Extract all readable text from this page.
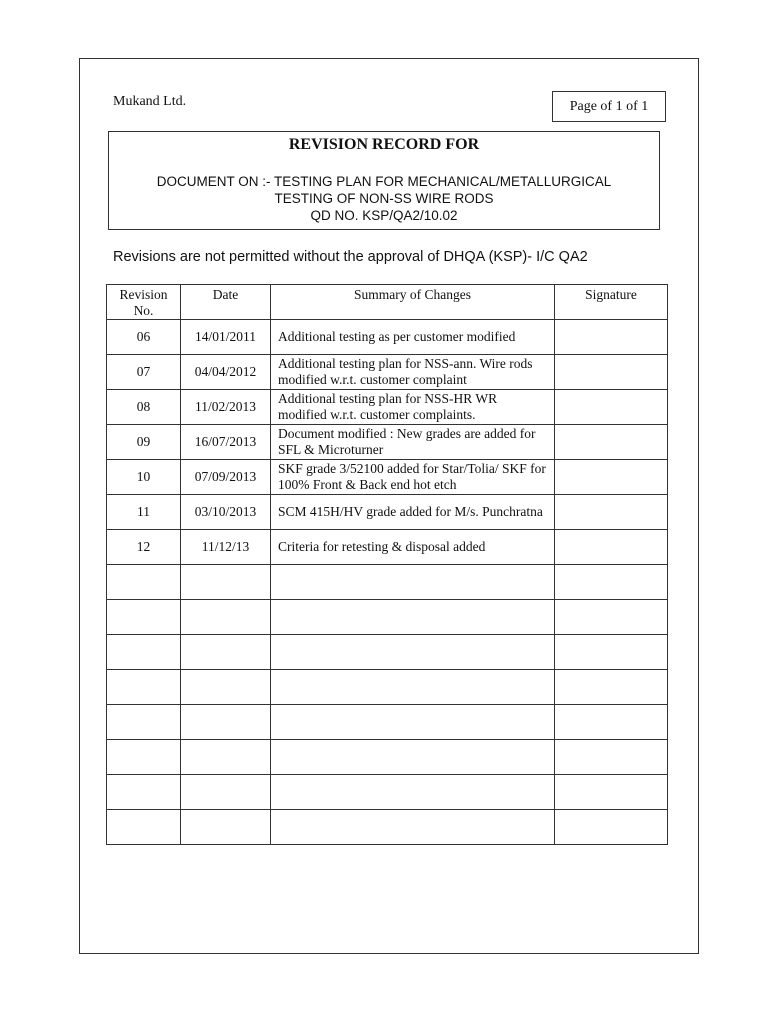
Mukand Ltd.	Page of 1 of 1
REVISION RECORD FOR
DOCUMENT ON :- TESTING PLAN FOR MECHANICAL/METALLURGICAL
TESTING OF NON-SS WIRE RODS
QD NO. KSP/QA2/10.02
Revisions are not permitted without the approval of DHQA (KSP)- I/C QA2
Revision No.	Date	Summary of Changes	Signature
06	14/01/2011	Additional testing as per customer modified	
07	04/04/2012	Additional testing plan for NSS-ann. Wire rods modified w.r.t. customer complaint	
08	11/02/2013	Additional testing plan for NSS-HR WR modified w.r.t. customer complaints.	
09	16/07/2013	Document modified : New grades are added for SFL & Microturner	
10	07/09/2013	SKF grade 3/52100 added for Star/Tolia/ SKF for 100% Front & Back end hot etch	
11	03/10/2013	SCM 415H/HV grade added for M/s. Punchratna	
12	11/12/13	Criteria for retesting & disposal added	
